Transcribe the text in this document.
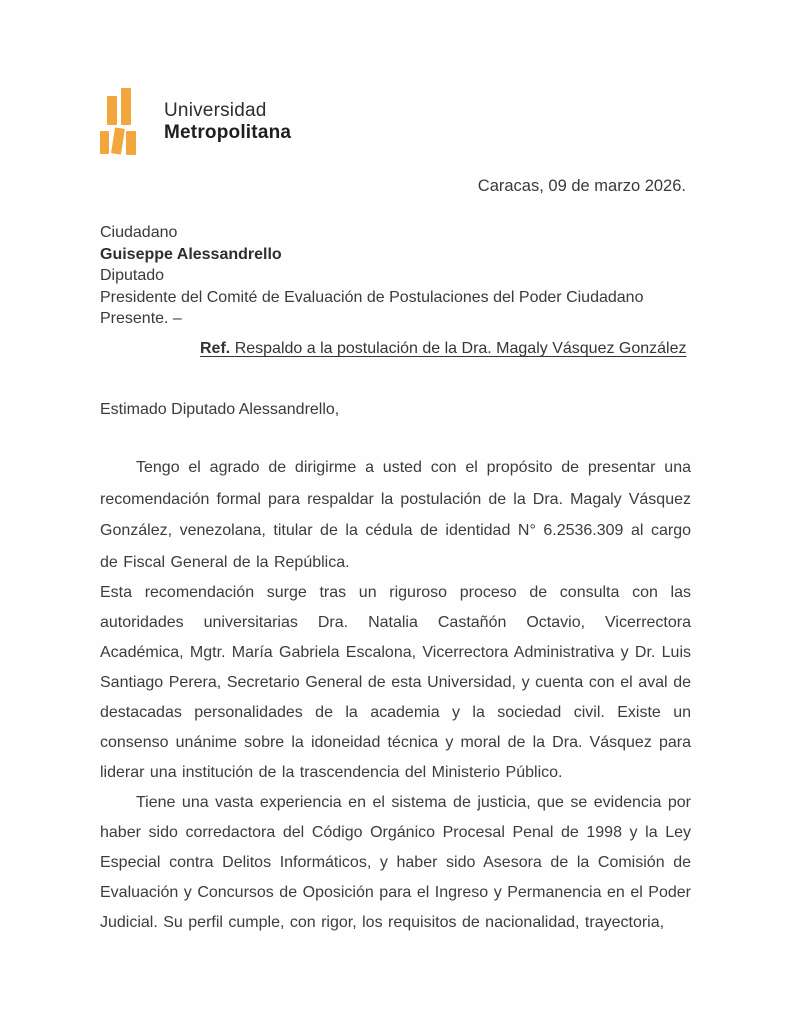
Universidad
Metropolitana
Caracas, 09 de marzo 2026.
Ciudadano
Guiseppe Alessandrello
Diputado
Presidente del Comité de Evaluación de Postulaciones del Poder Ciudadano
Presente. –
Ref. Respaldo a la postulación de la Dra. Magaly Vásquez González
Estimado Diputado Alessandrello,
Tengo el agrado de dirigirme a usted con el propósito de presentar una recomendación formal para respaldar la postulación de la Dra. Magaly Vásquez González, venezolana, titular de la cédula de identidad N° 6.2536.309 al cargo de Fiscal General de la República.
Esta recomendación surge tras un riguroso proceso de consulta con las autoridades universitarias Dra. Natalia Castañón Octavio, Vicerrectora Académica, Mgtr. María Gabriela Escalona, Vicerrectora Administrativa y Dr. Luis Santiago Perera, Secretario General de esta Universidad, y cuenta con el aval de destacadas personalidades de la academia y la sociedad civil. Existe un consenso unánime sobre la idoneidad técnica y moral de la Dra. Vásquez para liderar una institución de la trascendencia del Ministerio Público.
Tiene una vasta experiencia en el sistema de justicia, que se evidencia por haber sido corredactora del Código Orgánico Procesal Penal de 1998 y la Ley Especial contra Delitos Informáticos, y haber sido Asesora de la Comisión de Evaluación y Concursos de Oposición para el Ingreso y Permanencia en el Poder Judicial. Su perfil cumple, con rigor, los requisitos de nacionalidad, trayectoria,
